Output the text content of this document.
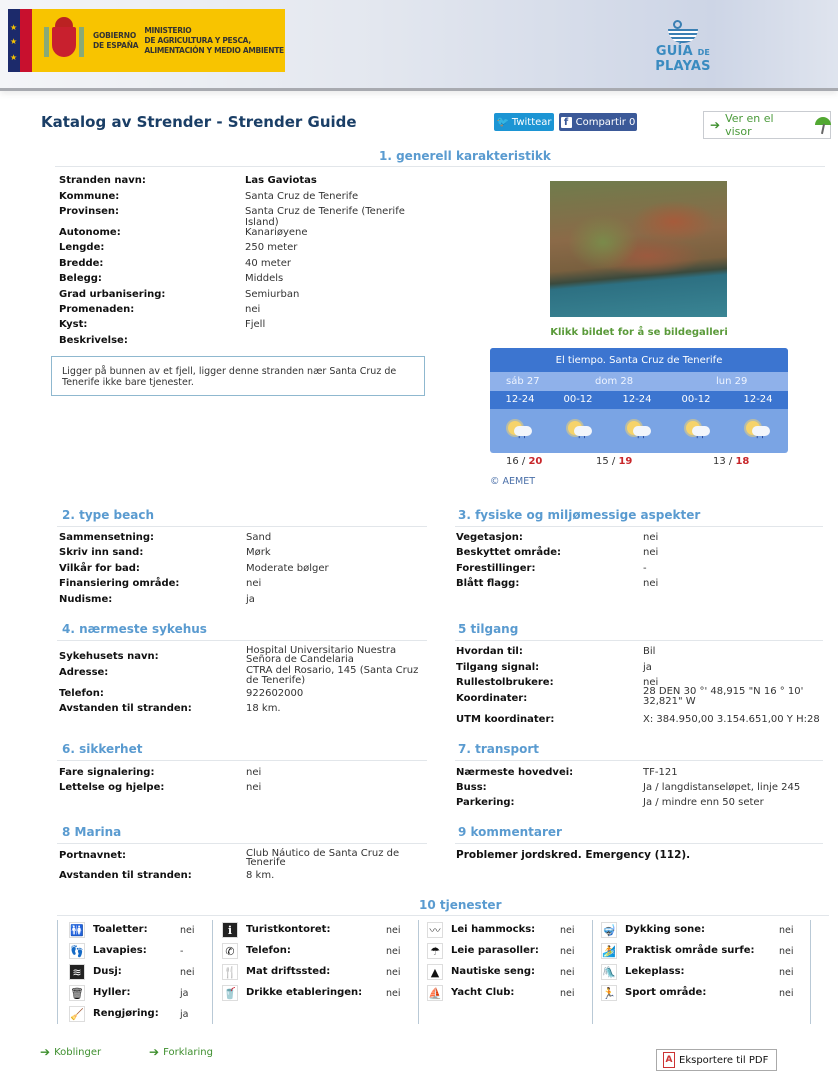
★
★
★
GOBIERNO
DE ESPAÑA
MINISTERIO
DE AGRICULTURA Y PESCA,
ALIMENTACIÓN Y MEDIO AMBIENTE	GUÍA DE PLAYAS
Katalog av Strender - Strender Guide	🐦 Twittear	f Compartir 0	➔ Ver en el visor
1. generell karakteristikk
Stranden navn:	Las Gaviotas
Kommune:	Santa Cruz de Tenerife
Provinsen:	Santa Cruz de Tenerife (Tenerife Island)
Autonome:	Kanariøyene
Lengde:	250 meter
Bredde:	40 meter
Belegg:	Middels
Grad urbanisering:	Semiurban
Promenaden:	nei
Kyst:	Fjell
Beskrivelse:
Ligger på bunnen av et fjell, ligger denne stranden nær Santa Cruz de Tenerife ikke bare tjenester.
Klikk bildet for å se bildegalleri
El tiempo. Santa Cruz de Tenerife
sáb 27	dom 28	lun 29
12-24	00-12	12-24	00-12	12-24
' '	' '	' '	' '	' '
16 / 20	15 / 19	13 / 18
© AEMET
2. type beach
Sammensetning:	Sand
Skriv inn sand:	Mørk
Vilkår for bad:	Moderate bølger
Finansiering område:	nei
Nudisme:	ja
3. fysiske og miljømessige aspekter
Vegetasjon:	nei
Beskyttet område:	nei
Forestillinger:	-
Blått flagg:	nei
4. nærmeste sykehus
Sykehusets navn:
Hospital Universitario Nuestra Señora de Candelaria
Adresse:	CTRA del Rosario, 145 (Santa Cruz de Tenerife)
Telefon:	922602000
Avstanden til stranden:	18 km.
5 tilgang
Hvordan til:	Bil
Tilgang signal:	ja
Rullestolbrukere:	nei
Koordinater:
28 DEN 30 °' 48,915 "N 16 ° 10' 32,821" W
UTM koordinater:	X: 384.950,00 3.154.651,00 Y H:28
6. sikkerhet
Fare signalering:	nei
Lettelse og hjelpe:	nei
7. transport
Nærmeste hovedvei:	TF-121
Buss:	Ja / langdistanseløpet, linje 245
Parkering:	Ja / mindre enn 50 seter
8 Marina
Portnavnet:	Club Náutico de Santa Cruz de Tenerife
Avstanden til stranden:	8 km.
9 kommentarer
Problemer jordskred. Emergency (112).
10 tjenester
🚻 Toaletter:	nei
👣 Lavapies:	-
≋	Dusj:	nei
🗑 Hyller:	ja
🧹 Rengjøring: ja
i	Turistkontoret:	nei
✆	Telefon:	nei
🍴 Mat driftssted:	nei
🥤 Drikke etableringen:	nei
〰 Lei hammocks:	nei
☂	Leie parasoller: nei
▲	Nautiske seng:	nei
⛵ Yacht Club:	nei
🤿 Dykking sone:	nei
🏄 Praktisk område surfe:	nei
🛝 Lekeplass:	nei
🏃 Sport område:	nei
➔ Koblinger	➔ Forklaring
A Eksportere til PDF
